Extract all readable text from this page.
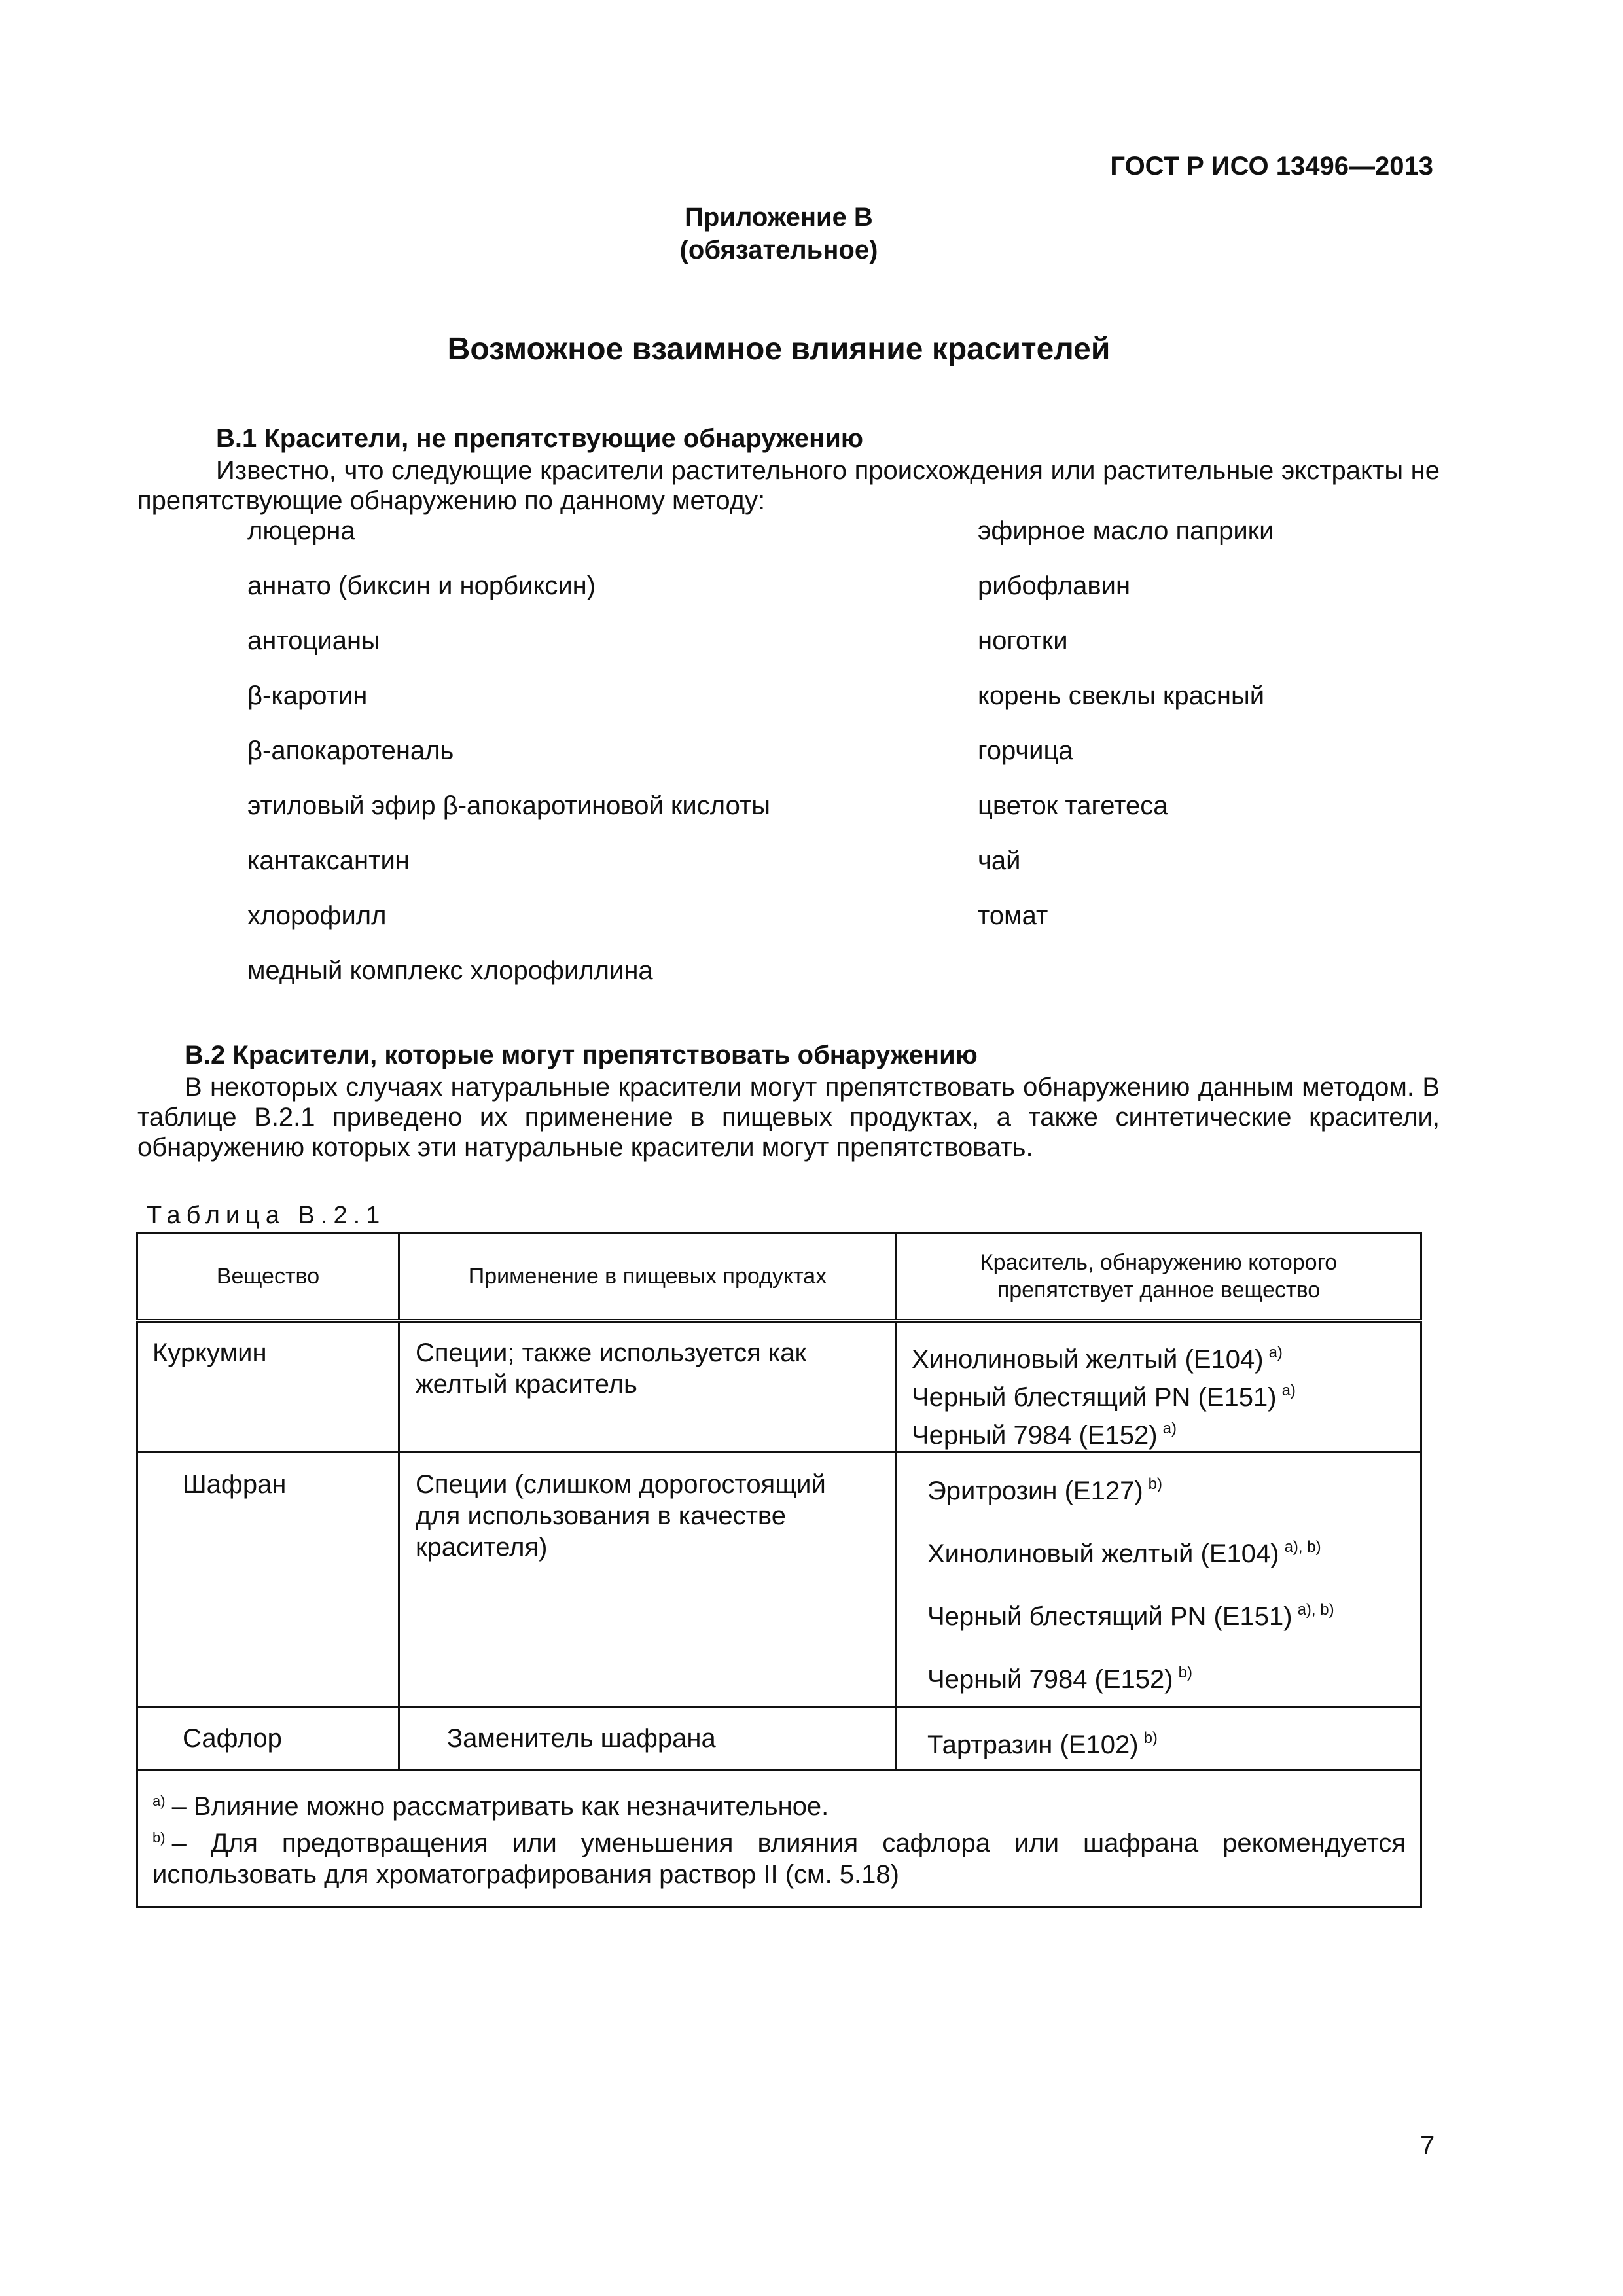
ГОСТ Р ИСО 13496—2013
Приложение В
(обязательное)
Возможное взаимное влияние красителей
В.1 Красители, не препятствующие обнаружению
Известно, что следующие красители растительного происхождения или растительные экстракты не препятствующие обнаружению по данному методу:
люцерна
аннато (биксин и норбиксин)
антоцианы
β-каротин
β-апокаротеналь
этиловый эфир β-апокаротиновой кислоты
кантаксантин
хлорофилл
медный комплекс хлорофиллина
эфирное масло паприки
рибофлавин
ноготки
корень свеклы красный
горчица
цветок тагетеса
чай
томат
В.2 Красители, которые могут препятствовать обнаружению
В некоторых случаях натуральные красители могут препятствовать обнаружению данным методом. В таблице В.2.1 приведено их применение в пищевых продуктах, а также синтетические красители, обнаружению которых эти натуральные красители могут препятствовать.
Таблица В.2.1
Вещество	Применение в пищевых продуктах	Краситель, обнаружению которого препятствует данное вещество
Куркумин	Специи; также используется как желтый краситель	Хинолиновый желтый (Е104) $^{а)}$
Черный блестящий PN (Е151) $^{а)}$
Черный 7984 (Е152) $^{а)}$

Шафран	Специи (слишком дорогостоящий для использования в качестве красителя)	Эритрозин (Е127) $^{b)}$
Хинолиновый желтый (Е104) $^{а), b)}$
Черный блестящий PN (Е151) $^{а), b)}$
Черный 7984 (Е152) $^{b)}$

Сафлор	Заменитель шафрана	Тартразин (Е102) $^{b)}$

$^{а)}$ – Влияние можно рассматривать как незначительное.
$^{b)}$ – Для предотвращения или уменьшения влияния сафлора или шафрана рекомендуется использовать для хроматографирования раствор II (см. 5.18)		
7
